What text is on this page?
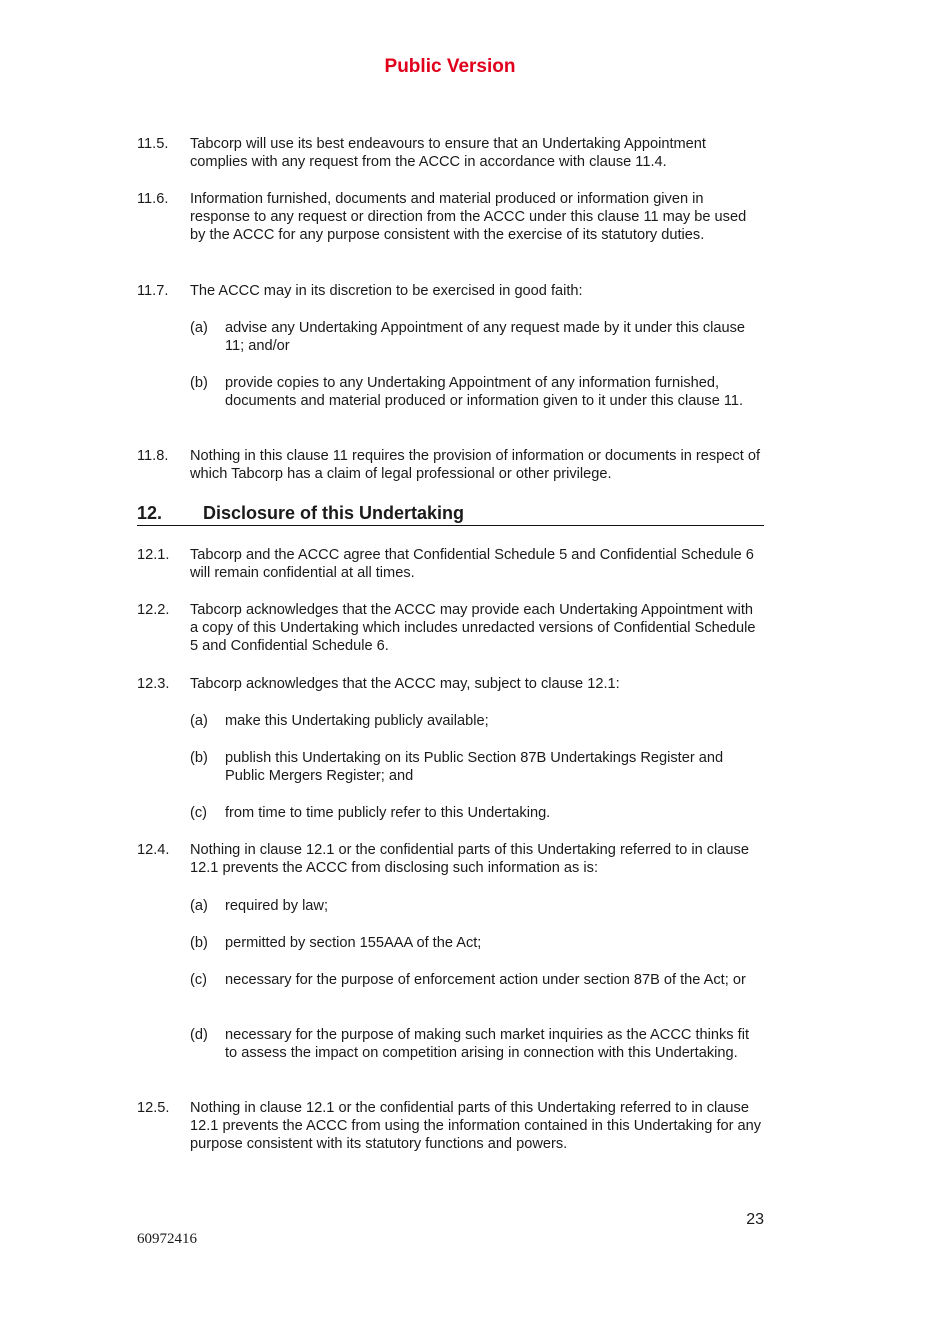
Public Version
11.5. Tabcorp will use its best endeavours to ensure that an Undertaking Appointment complies with any request from the ACCC in accordance with clause 11.4.
11.6. Information furnished, documents and material produced or information given in response to any request or direction from the ACCC under this clause 11 may be used by the ACCC for any purpose consistent with the exercise of its statutory duties.
11.7. The ACCC may in its discretion to be exercised in good faith:
(a) advise any Undertaking Appointment of any request made by it under this clause 11; and/or
(b) provide copies to any Undertaking Appointment of any information furnished, documents and material produced or information given to it under this clause 11.
11.8. Nothing in this clause 11 requires the provision of information or documents in respect of which Tabcorp has a claim of legal professional or other privilege.
12. Disclosure of this Undertaking
12.1. Tabcorp and the ACCC agree that Confidential Schedule 5 and Confidential Schedule 6 will remain confidential at all times.
12.2. Tabcorp acknowledges that the ACCC may provide each Undertaking Appointment with a copy of this Undertaking which includes unredacted versions of Confidential Schedule 5 and Confidential Schedule 6.
12.3. Tabcorp acknowledges that the ACCC may, subject to clause 12.1:
(a) make this Undertaking publicly available;
(b) publish this Undertaking on its Public Section 87B Undertakings Register and Public Mergers Register; and
(c) from time to time publicly refer to this Undertaking.
12.4. Nothing in clause 12.1 or the confidential parts of this Undertaking referred to in clause 12.1 prevents the ACCC from disclosing such information as is:
(a) required by law;
(b) permitted by section 155AAA of the Act;
(c) necessary for the purpose of enforcement action under section 87B of the Act; or
(d) necessary for the purpose of making such market inquiries as the ACCC thinks fit to assess the impact on competition arising in connection with this Undertaking.
12.5. Nothing in clause 12.1 or the confidential parts of this Undertaking referred to in clause 12.1 prevents the ACCC from using the information contained in this Undertaking for any purpose consistent with its statutory functions and powers.
23
60972416
